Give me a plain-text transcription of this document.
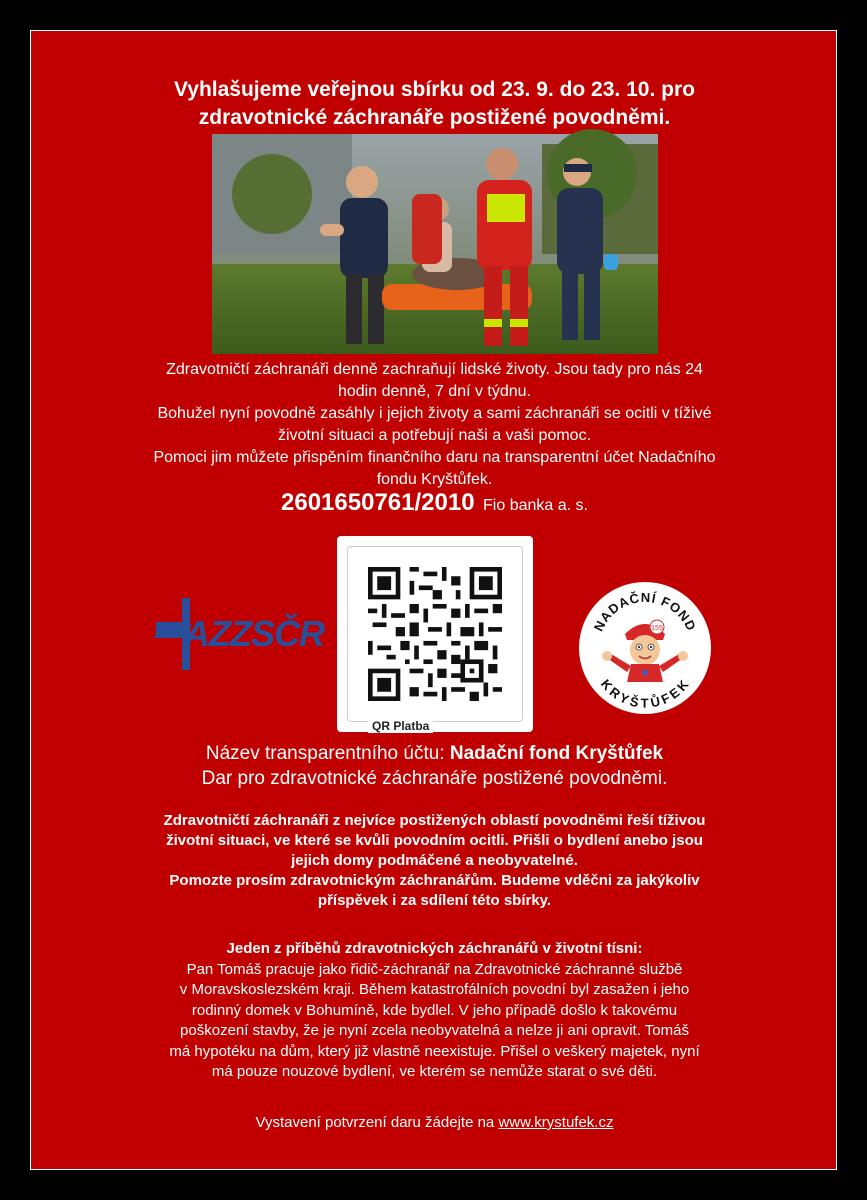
Vyhlašujeme veřejnou sbírku od 23. 9. do 23. 10. pro
zdravotnické záchranáře postižené povodněmi.

Zdravotničtí záchranáři denně zachraňují lidské životy. Jsou tady pro nás 24

hodin denně, 7 dní v týdnu.

Bohužel nyní povodně zasáhly i jejich životy a sami záchranáři se ocitli v tíživé

životní situaci a potřebují naši a vaši pomoc.

Pomoci jim můžete přispěním finančního daru na transparentní účet Nadačního

fondu Kryštůfek.

2601650761/2010 Fio banka a. s.
AZZSČR
QR Platba
NADAČNÍ FOND
KRYŠTŮFEK
155
✱
Název transparentního účtu: Nadační fond Kryštůfek
Dar pro zdravotnické záchranáře postižené povodněmi.

Zdravotničtí záchranáři z nejvíce postižených oblastí povodněmi řeší tíživou

životní situaci, ve které se kvůli povodním ocitli. Přišli o bydlení anebo jsou

jejich domy podmáčené a neobyvatelné.

Pomozte prosím zdravotnickým záchranářům. Budeme vděčni za jakýkoliv

příspěvek i za sdílení této sbírky.

Jeden z příběhů zdravotnických záchranářů v životní tísni:
Pan Tomáš pracuje jako řidič-záchranář na Zdravotnické záchranné službě
v Moravskoslezském kraji. Během katastrofálních povodní byl zasažen i jeho
rodinný domek v Bohumíně, kde bydlel. V jeho případě došlo k takovému
poškození stavby, že je nyní zcela neobyvatelná a nelze ji ani opravit. Tomáš
má hypotéku na dům, který již vlastně neexistuje. Přišel o veškerý majetek, nyní
má pouze nouzové bydlení, ve kterém se nemůže starat o své děti.
Vystavení potvrzení daru žádejte na www.krystufek.cz
